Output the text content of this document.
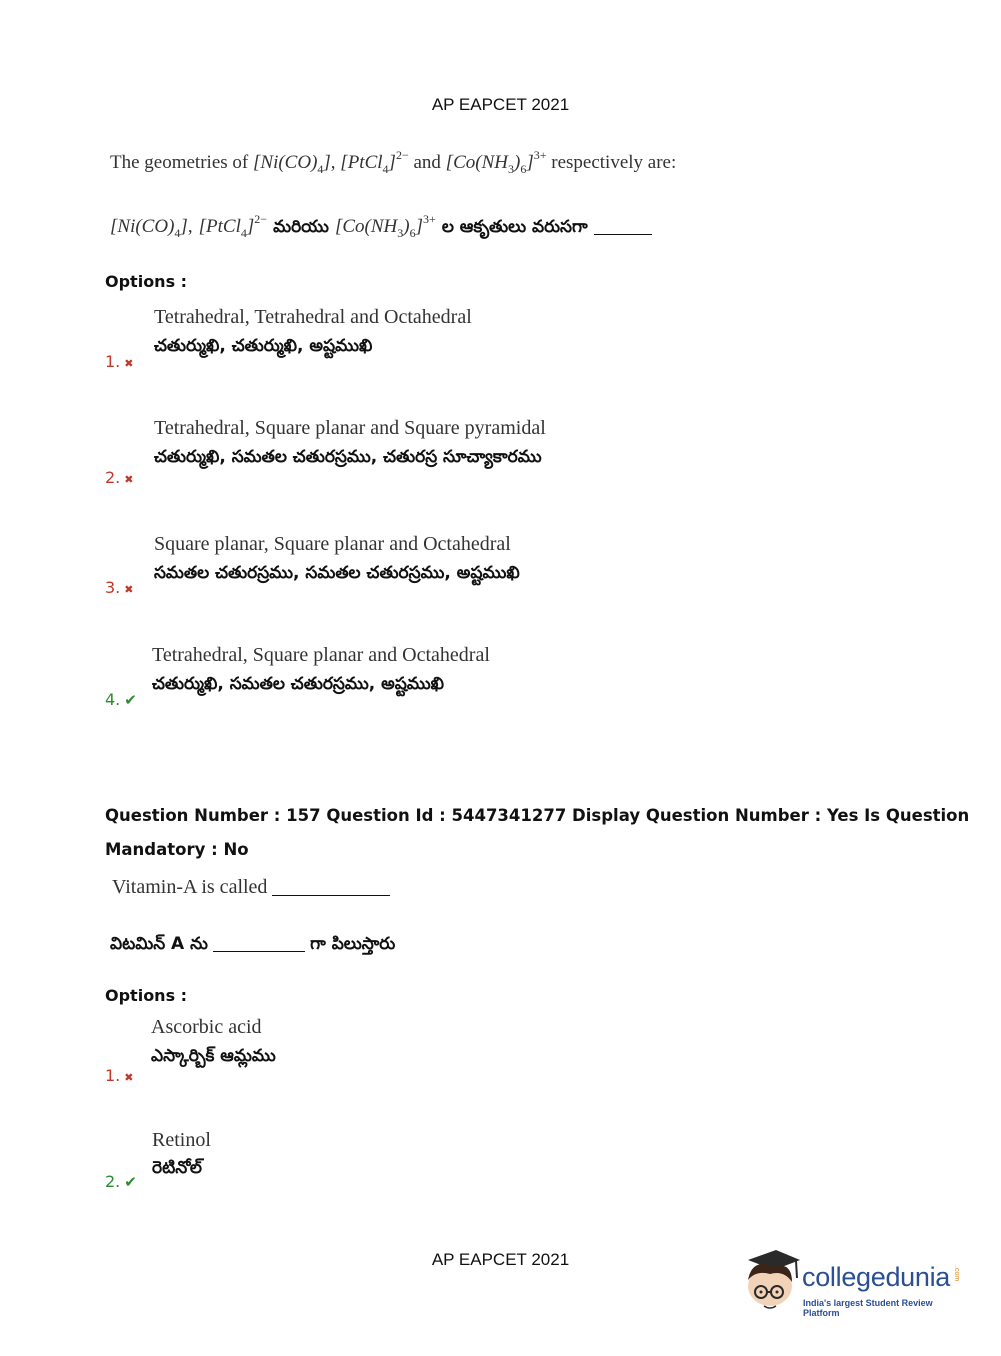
AP EAPCET 2021
The geometries of $[Ni(CO)_4]$, [PtCl$_4$]$^{2-}$ and $[Co(NH_3)_6]^{3+}$ respectively are:
$[Ni(CO)_4]$, [PtCl$_4$]$^{2-}$ మరియు $[Co(NH_3)_6]^{3+}$ ల ఆకృతులు వరుసగా
Options :
Tetrahedral, Tetrahedral and Octahedral
చతుర్ముఖి, చతుర్ముఖి, అష్టముఖి
1. ✖
Tetrahedral, Square planar and Square pyramidal
చతుర్ముఖి, సమతల చతురస్రము, చతురస్ర సూచ్యాకారము
2. ✖
Square planar, Square planar and Octahedral
సమతల చతురస్రము, సమతల చతురస్రము, అష్టముఖి
3. ✖
Tetrahedral, Square planar and Octahedral
చతుర్ముఖి, సమతల చతురస్రము, అష్టముఖి
4. ✔
Question Number : 157 Question Id : 5447341277 Display Question Number : Yes Is Question
Mandatory : No
Vitamin-A is called
విటమిన్ A ను	గా పిలుస్తారు
Options :
Ascorbic acid
ఎస్కార్బిక్ ఆమ్లము
1. ✖
Retinol
రెటినోల్
2. ✔
AP EAPCET 2021
collegedunia .com
India's largest Student Review Platform
